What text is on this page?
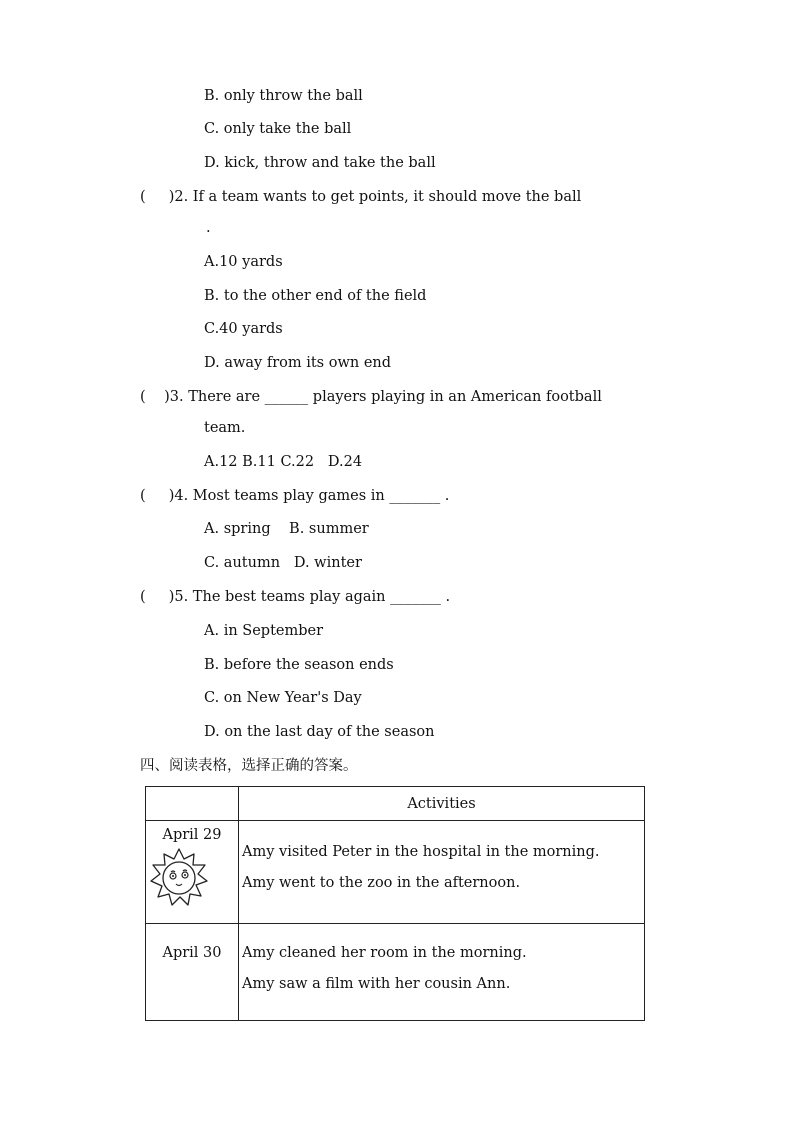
B. only throw the ball
C. only take the ball
D. kick, throw and take the ball
(     )2. If a team wants to get points, it should move the ball
.
A.10 yards
B. to the other end of the field
C.40 yards
D. away from its own end
(    )3. There are ______ players playing in an American football
team.
A.12 B.11 C.22   D.24
(     )4. Most teams play games in _______ .
A. spring    B. summer
C. autumn   D. winter
(     )5. The best teams play again _______ .
A. in September
B. before the season ends
C. on New Year's Day
D. on the last day of the season
四、阅读表格，选择正确的答案。
	Activities

April 29	Amy visited Peter in the hospital in the morning.
Amy went to the zoo in the afternoon.

April 30	Amy cleaned her room in the morning.
Amy saw a film with her cousin Ann.
